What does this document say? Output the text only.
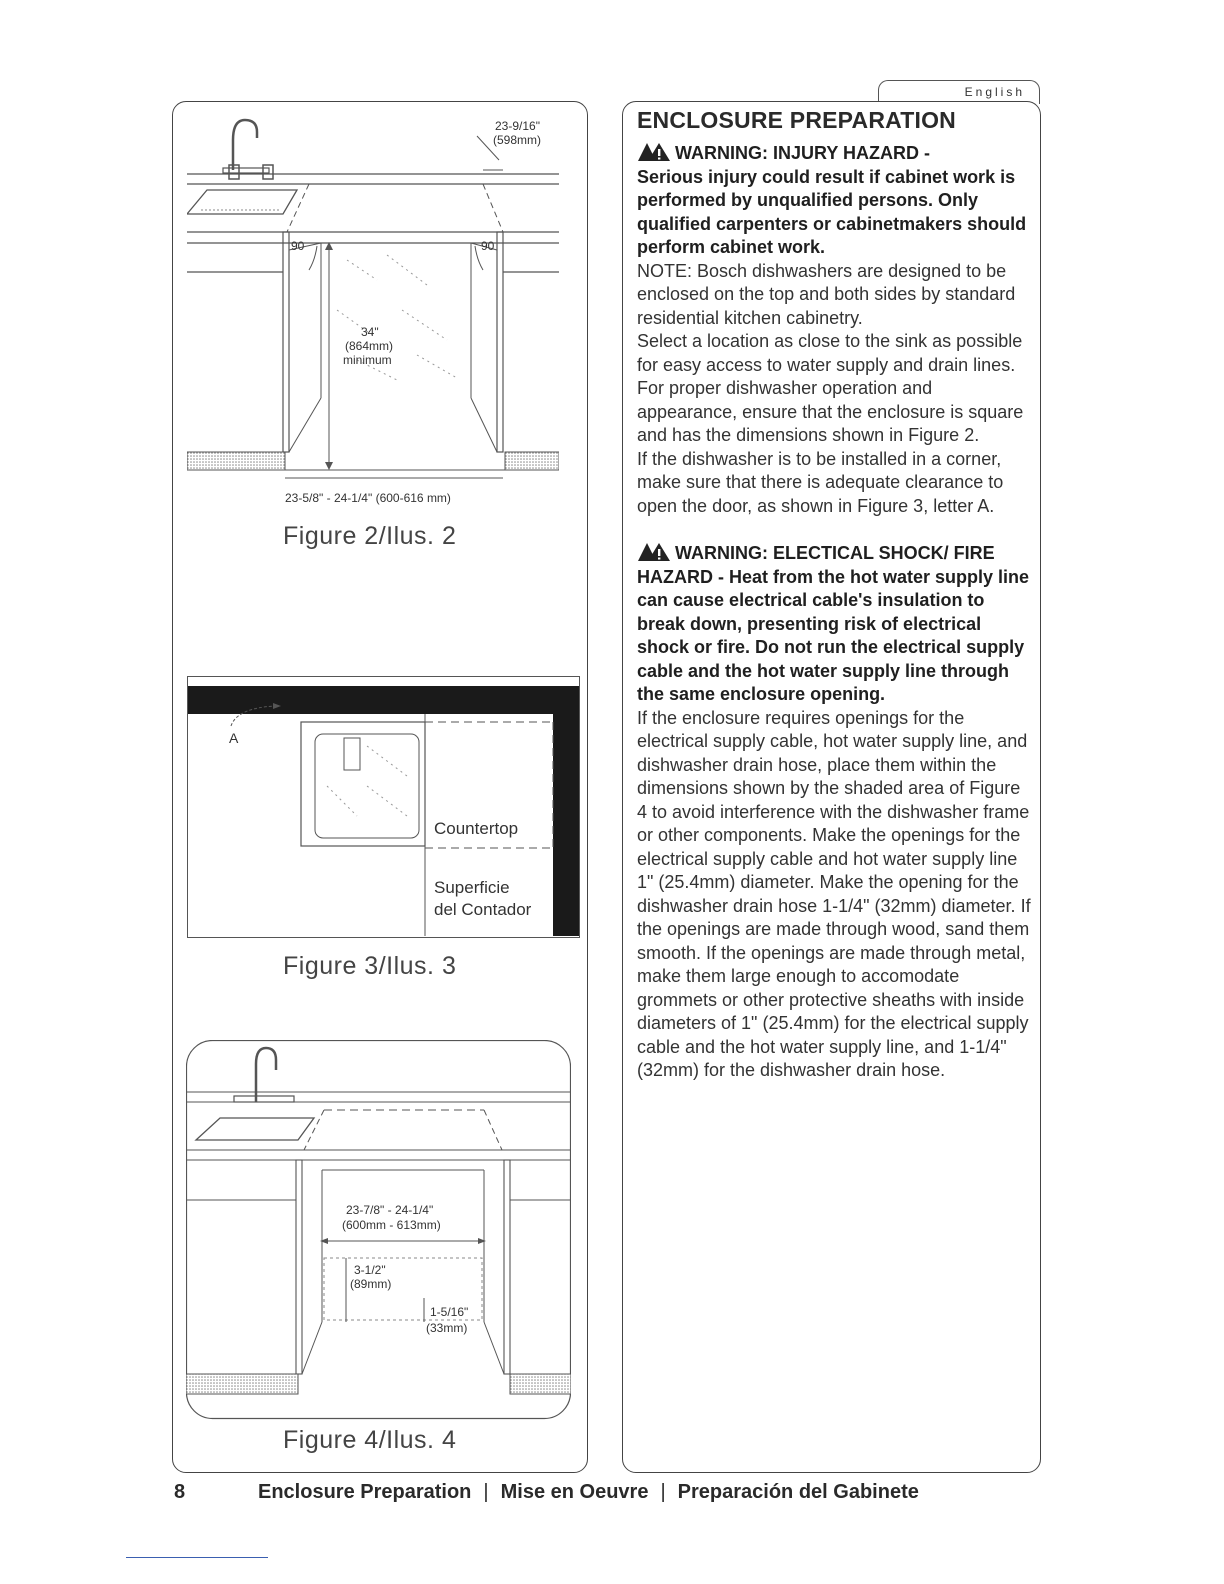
English
90	90
23-9/16"
(598mm)
34"
(864mm)
minimum
23-5/8" - 24-1/4" (600-616 mm)
Figure 2/Ilus. 2
A
Countertop
Superficie
del Contador
Figure 3/Ilus. 3
23-7/8" - 24-1/4"
(600mm - 613mm)
3-1/2"
(89mm)
1-5/16"
(33mm)
Figure 4/Ilus. 4
ENCLOSURE PREPARATION
WARNING: INJURY HAZARD -
Serious injury could result if cabinet work is performed by unqualified persons. Only qualified carpenters or cabinetmakers should perform cabinet work.

NOTE: Bosch dishwashers are designed to be enclosed on the top and both sides by standard residential kitchen cabinetry.

Select a location as close to the sink as possible for easy access to water supply and drain lines.

For proper dishwasher operation and appearance, ensure that the enclosure is square and has the dimensions shown in Figure 2.

If the dishwasher is to be installed in a corner, make sure that there is adequate clearance to open the door, as shown in Figure 3, letter A.

WARNING: ELECTICAL SHOCK/ FIRE HAZARD - Heat from the hot water supply line can cause electrical cable's insulation to break down, presenting risk of electrical shock or fire. Do not run the electrical supply cable and the hot water supply line through the same enclosure opening.

If the enclosure requires openings for the electrical supply cable, hot water supply line, and dishwasher drain hose, place them within the dimensions shown by the shaded area of Figure 4 to avoid interference with the dishwasher frame or other components. Make the openings for the electrical supply cable and hot water supply line 1" (25.4mm) diameter. Make the opening for the dishwasher drain hose 1-1/4" (32mm) diameter. If the openings are made through wood, sand them smooth. If the openings are made through metal, make them large enough to accomodate grommets or other protective sheaths with inside diameters of 1" (25.4mm) for the electrical supply cable and the hot water supply line, and 1-1/4" (32mm) for the dishwasher drain hose.

8	Enclosure Preparation | Mise en Oeuvre | Preparación del Gabinete
